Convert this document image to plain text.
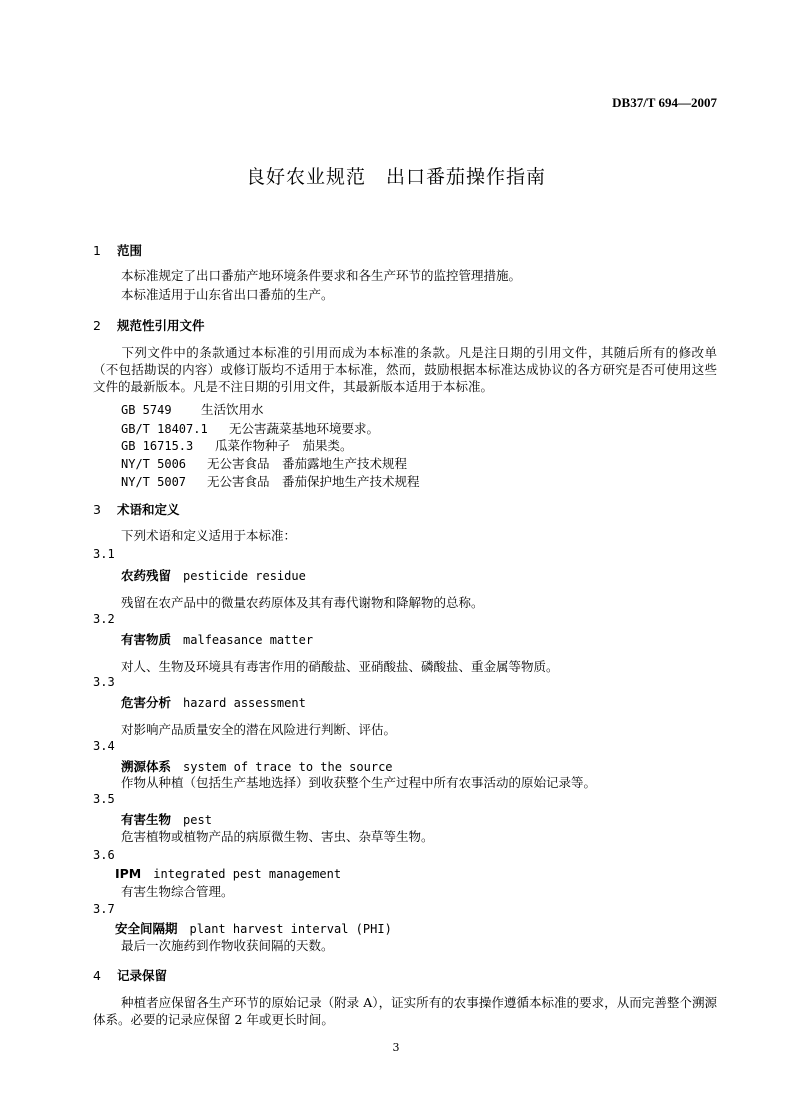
DB37/T 694—2007
良好农业规范　出口番茄操作指南
1 范围
本标准规定了出口番茄产地环境条件要求和各生产环节的监控管理措施。
本标准适用于山东省出口番茄的生产。
2 规范性引用文件
下列文件中的条款通过本标准的引用而成为本标准的条款。凡是注日期的引用文件，其随后所有的修改单（不包括勘误的内容）或修订版均不适用于本标准，然而，鼓励根据本标准达成协议的各方研究是否可使用这些文件的最新版本。凡是不注日期的引用文件，其最新版本适用于本标准。
GB 5749 生活饮用水
GB/T 18407.1 无公害蔬菜基地环境要求。
GB 16715.3 瓜菜作物种子　茄果类。
NY/T 5006 无公害食品　番茄露地生产技术规程
NY/T 5007 无公害食品　番茄保护地生产技术规程
3 术语和定义
下列术语和定义适用于本标准：
3.1
农药残留 pesticide residue
残留在农产品中的微量农药原体及其有毒代谢物和降解物的总称。
3.2
有害物质 malfeasance matter
对人、生物及环境具有毒害作用的硝酸盐、亚硝酸盐、磷酸盐、重金属等物质。
3.3
危害分析 hazard assessment
对影响产品质量安全的潜在风险进行判断、评估。
3.4
溯源体系 system of trace to the source
作物从种植（包括生产基地选择）到收获整个生产过程中所有农事活动的原始记录等。
3.5
有害生物 pest
危害植物或植物产品的病原微生物、害虫、杂草等生物。
3.6
IPM integrated pest management
有害生物综合管理。
3.7
安全间隔期 plant harvest interval (PHI)
最后一次施药到作物收获间隔的天数。
4 记录保留
种植者应保留各生产环节的原始记录（附录 A），证实所有的农事操作遵循本标准的要求，从而完善整个溯源体系。必要的记录应保留 2 年或更长时间。
3
